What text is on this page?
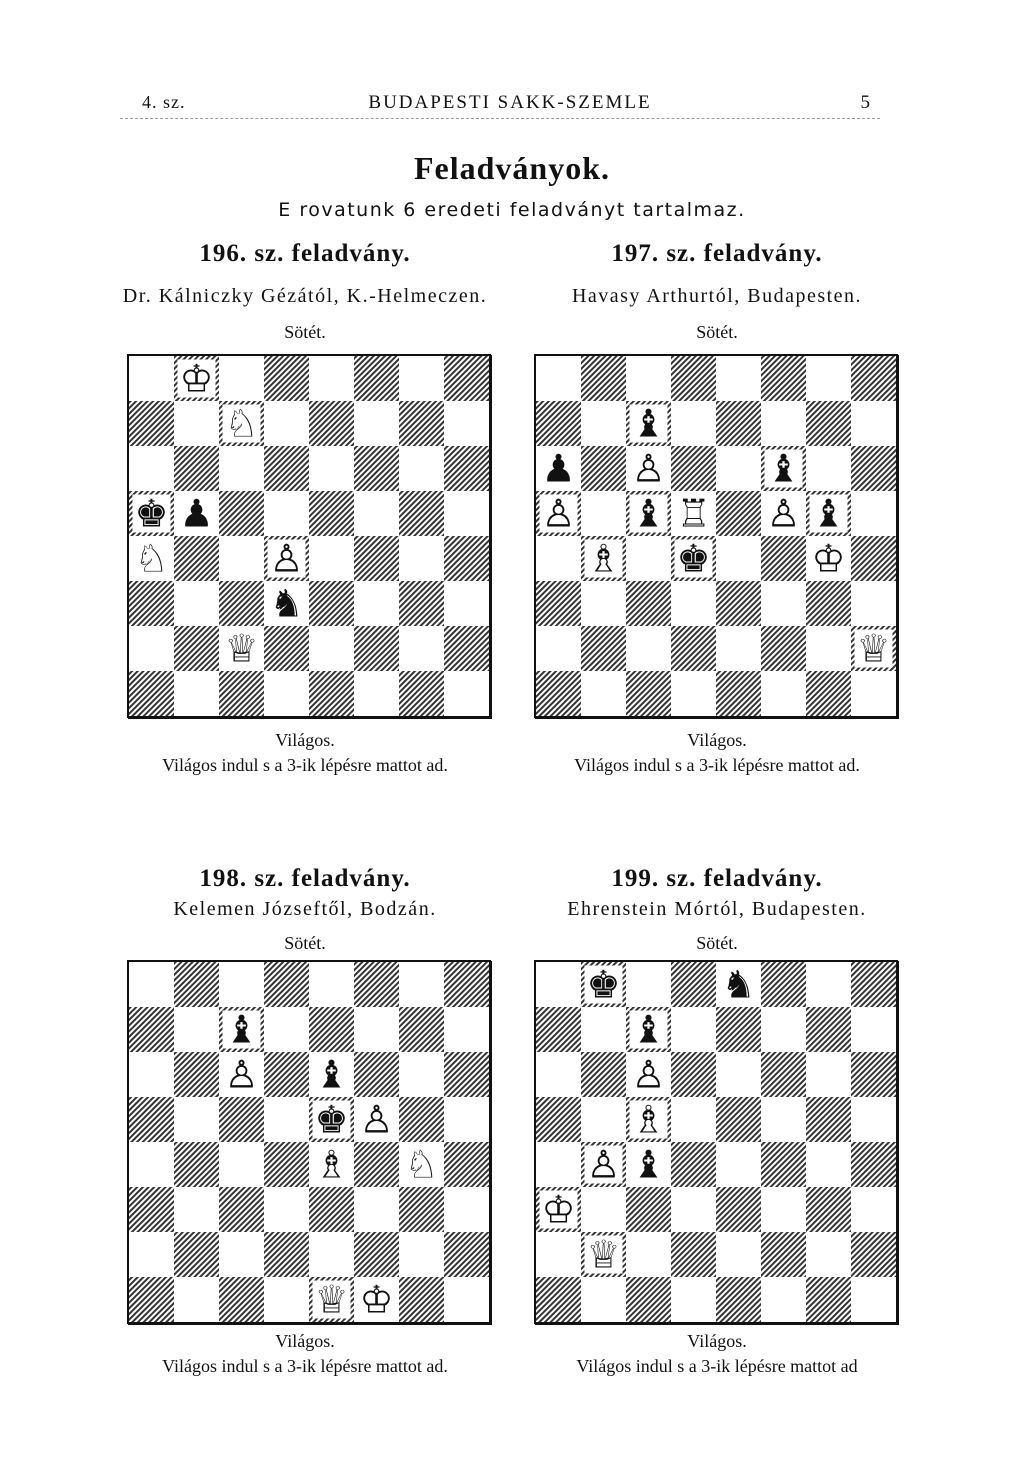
4. sz.	BUDAPESTI SAKK-SZEMLE	5
Feladványok.
E rovatunk 6 eredeti feladványt tartalmaz.
196. sz. feladvány.
Dr. Kálniczky Gézától, K.-Helmeczen.
Sötét.
♔
♘
♚ ♟
♘	♙
♞
♕
Világos.
Világos indul s a 3-ik lépésre mattot ad.
197. sz. feladvány.
Havasy Arthurtól, Budapesten.
Sötét.
♝
♟ ♙	♝
♙ ♝ ♖ ♙ ♝
♗ ♚	♔
♕
Világos.
Világos indul s a 3-ik lépésre mattot ad.
198. sz. feladvány.
Kelemen Józseftől, Bodzán.
Sötét.
♝
♙ ♝
♚ ♙
♗ ♘
♕ ♔
Világos.
Világos indul s a 3-ik lépésre mattot ad.
199. sz. feladvány.
Ehrenstein Mórtól, Budapesten.
Sötét.
♚	♞
♝
♙
♗
♙ ♝
♔
♕
Világos.
Világos indul s a 3-ik lépésre mattot ad
